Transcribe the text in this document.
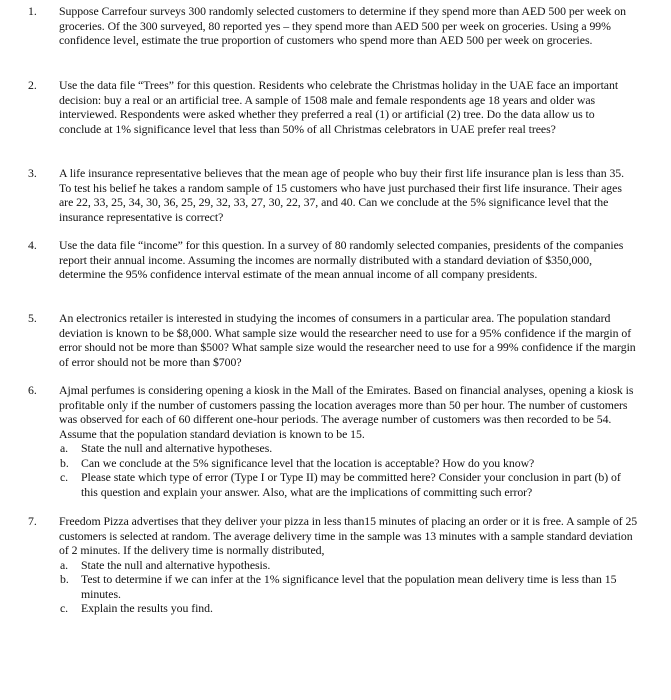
1.	Suppose Carrefour surveys 300 randomly selected customers to determine if they spend more than AED 500 per week on groceries. Of the 300 surveyed, 80 reported yes – they spend more than AED 500 per week on groceries. Using a 99% confidence level, estimate the true proportion of customers who spend more than AED 500 per week on groceries.
2.	Use the data file “Trees” for this question. Residents who celebrate the Christmas holiday in the UAE face an important decision: buy a real or an artificial tree. A sample of 1508 male and female respondents age 18 years and older was interviewed. Respondents were asked whether they preferred a real (1) or artificial (2) tree. Do the data allow us to conclude at 1% significance level that less than 50% of all Christmas celebrators in UAE prefer real trees?
3.	A life insurance representative believes that the mean age of people who buy their first life insurance plan is less than 35. To test his belief he takes a random sample of 15 customers who have just purchased their first life insurance. Their ages are 22, 33, 25, 34, 30, 36, 25, 29, 32, 33, 27, 30, 22, 37, and 40. Can we conclude at the 5% significance level that the insurance representative is correct?
4.	Use the data file “income” for this question. In a survey of 80 randomly selected companies, presidents of the companies report their annual income. Assuming the incomes are normally distributed with a standard deviation of $350,000, determine the 95% confidence interval estimate of the mean annual income of all company presidents.
5.	An electronics retailer is interested in studying the incomes of consumers in a particular area. The population standard deviation is known to be $8,000. What sample size would the researcher need to use for a 95% confidence if the margin of error should not be more than $500? What sample size would the researcher need to use for a 99% confidence if the margin of error should not be more than $700?
6.	Ajmal perfumes is considering opening a kiosk in the Mall of the Emirates. Based on financial analyses, opening a kiosk is profitable only if the number of customers passing the location averages more than 50 per hour. The number of customers was observed for each of 60 different one-hour periods. The average number of customers was then recorded to be 54. Assume that the population standard deviation is known to be 15.
a. State the null and alternative hypotheses.
b. Can we conclude at the 5% significance level that the location is acceptable? How do you know?
c. Please state which type of error (Type I or Type II) may be committed here? Consider your conclusion in part (b) of this question and explain your answer. Also, what are the implications of committing such error?
7.	Freedom Pizza advertises that they deliver your pizza in less than15 minutes of placing an order or it is free. A sample of 25 customers is selected at random. The average delivery time in the sample was 13 minutes with a sample standard deviation of 2 minutes. If the delivery time is normally distributed,
a. State the null and alternative hypothesis.
b. Test to determine if we can infer at the 1% significance level that the population mean delivery time is less than 15 minutes.
c. Explain the results you find.
